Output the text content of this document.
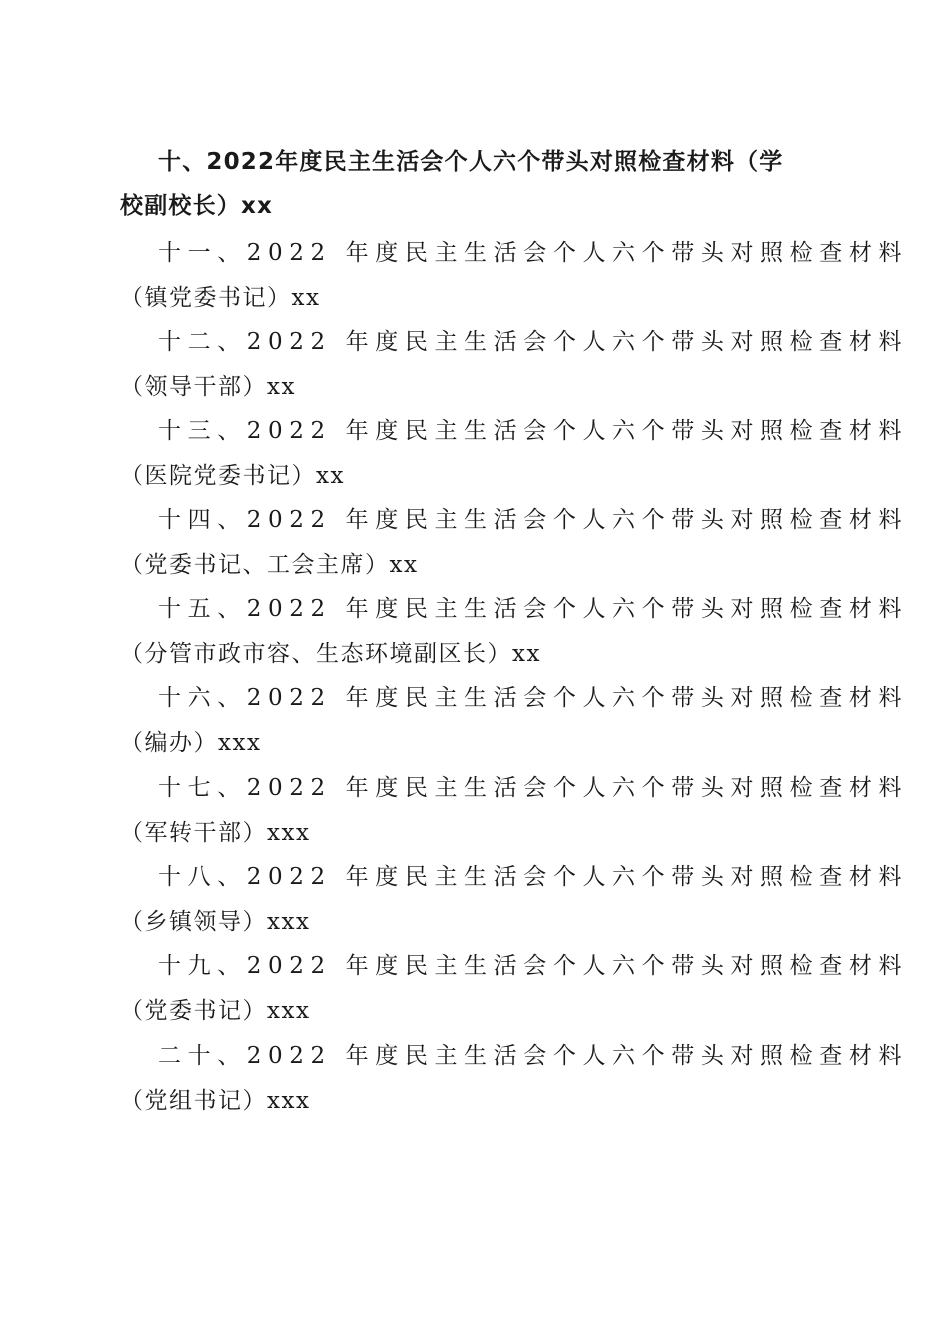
十、2022年度民主生活会个人六个带头对照检查材料（学
校副校长）xx
十一、2022 年度民主生活会个人六个带头对照检查材料
（镇党委书记）xx
十二、2022 年度民主生活会个人六个带头对照检查材料
（领导干部）xx
十三、2022 年度民主生活会个人六个带头对照检查材料
（医院党委书记）xx
十四、2022 年度民主生活会个人六个带头对照检查材料
（党委书记、工会主席）xx
十五、2022 年度民主生活会个人六个带头对照检查材料
（分管市政市容、生态环境副区长）xx
十六、2022 年度民主生活会个人六个带头对照检查材料
（编办）xxx
十七、2022 年度民主生活会个人六个带头对照检查材料
（军转干部）xxx
十八、2022 年度民主生活会个人六个带头对照检查材料
（乡镇领导）xxx
十九、2022 年度民主生活会个人六个带头对照检查材料
（党委书记）xxx
二十、2022 年度民主生活会个人六个带头对照检查材料
（党组书记）xxx
